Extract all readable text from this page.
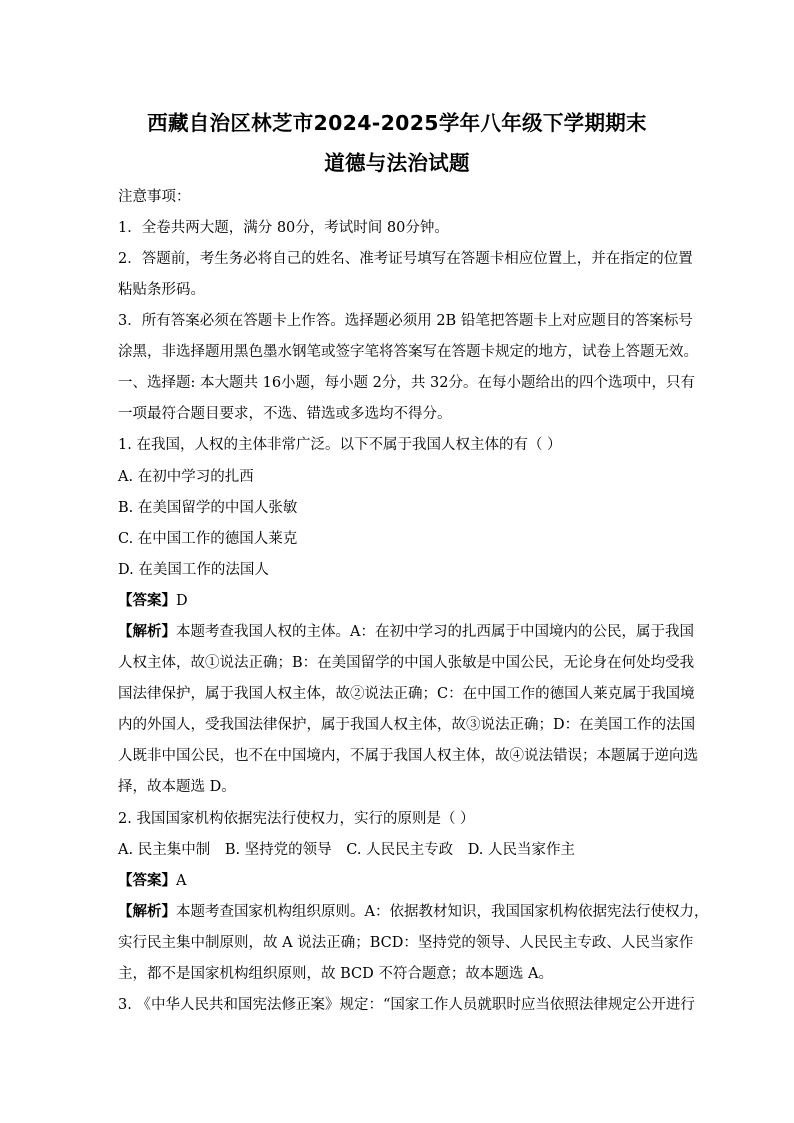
西藏自治区林芝市2024-2025学年八年级下学期期末
道德与法治试题
注意事项：
1．全卷共两大题，满分 80分，考试时间 80分钟。
2．答题前，考生务必将自己的姓名、准考证号填写在答题卡相应位置上，并在指定的位置
粘贴条形码。
3．所有答案必须在答题卡上作答。选择题必须用 2B 铅笔把答题卡上对应题目的答案标号
涂黑，非选择题用黑色墨水钢笔或签字笔将答案写在答题卡规定的地方，试卷上答题无效。
一、选择题: 本大题共 16小题，每小题 2分，共 32分。在每小题给出的四个选项中，只有
一项最符合题目要求，不选、错选或多选均不得分。
1. 在我国，人权的主体非常广泛。以下不属于我国人权主体的有（ ）
A. 在初中学习的扎西
B. 在美国留学的中国人张敏
C. 在中国工作的德国人莱克
D. 在美国工作的法国人
【答案】D
【解析】本题考查我国人权的主体。A：在初中学习的扎西属于中国境内的公民，属于我国
人权主体，故①说法正确；B：在美国留学的中国人张敏是中国公民，无论身在何处均受我
国法律保护，属于我国人权主体，故②说法正确；C：在中国工作的德国人莱克属于我国境
内的外国人，受我国法律保护，属于我国人权主体，故③说法正确；D：在美国工作的法国
人既非中国公民，也不在中国境内，不属于我国人权主体，故④说法错误；本题属于逆向选
择，故本题选 D。
2. 我国国家机构依据宪法行使权力，实行的原则是（ ）
A. 民主集中制 B. 坚持党的领导 C. 人民民主专政 D. 人民当家作主
【答案】A
【解析】本题考查国家机构组织原则。A：依据教材知识，我国国家机构依据宪法行使权力，
实行民主集中制原则，故 A 说法正确；BCD：坚持党的领导、人民民主专政、人民当家作
主，都不是国家机构组织原则，故 BCD 不符合题意；故本题选 A。
3. 《中华人民共和国宪法修正案》规定：“国家工作人员就职时应当依照法律规定公开进行
